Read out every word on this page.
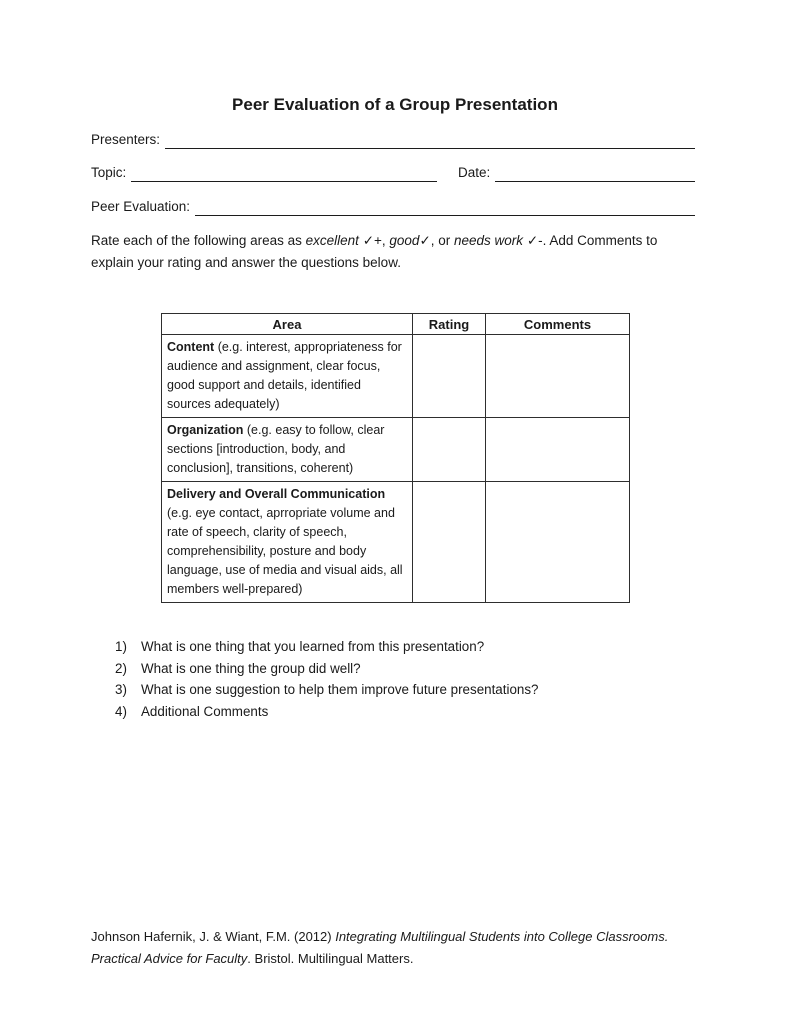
Peer Evaluation of a Group Presentation
Presenters:
Topic:	Date:
Peer Evaluation:

Rate each of the following areas as excellent ✓+, good✓, or needs work ✓-. Add Comments to explain your rating and answer the questions below.

Area	Rating	Comments
Content (e.g. interest, appropriateness for audience and assignment, clear focus, good support and details, identified sources adequately)		
Organization (e.g. easy to follow, clear sections [introduction, body, and conclusion], transitions, coherent)		
Delivery and Overall Communication (e.g. eye contact, aprropriate volume and rate of speech, clarity of speech, comprehensibility, posture and body language, use of media and visual aids, all members well-prepared)		
1)	What is one thing that you learned from this presentation?
2)	What is one thing the group did well?
3)	What is one suggestion to help them improve future presentations?
4)	Additional Comments

Johnson Hafernik, J. & Wiant, F.M. (2012) Integrating Multilingual Students into College Classrooms. Practical Advice for Faculty. Bristol. Multilingual Matters.
